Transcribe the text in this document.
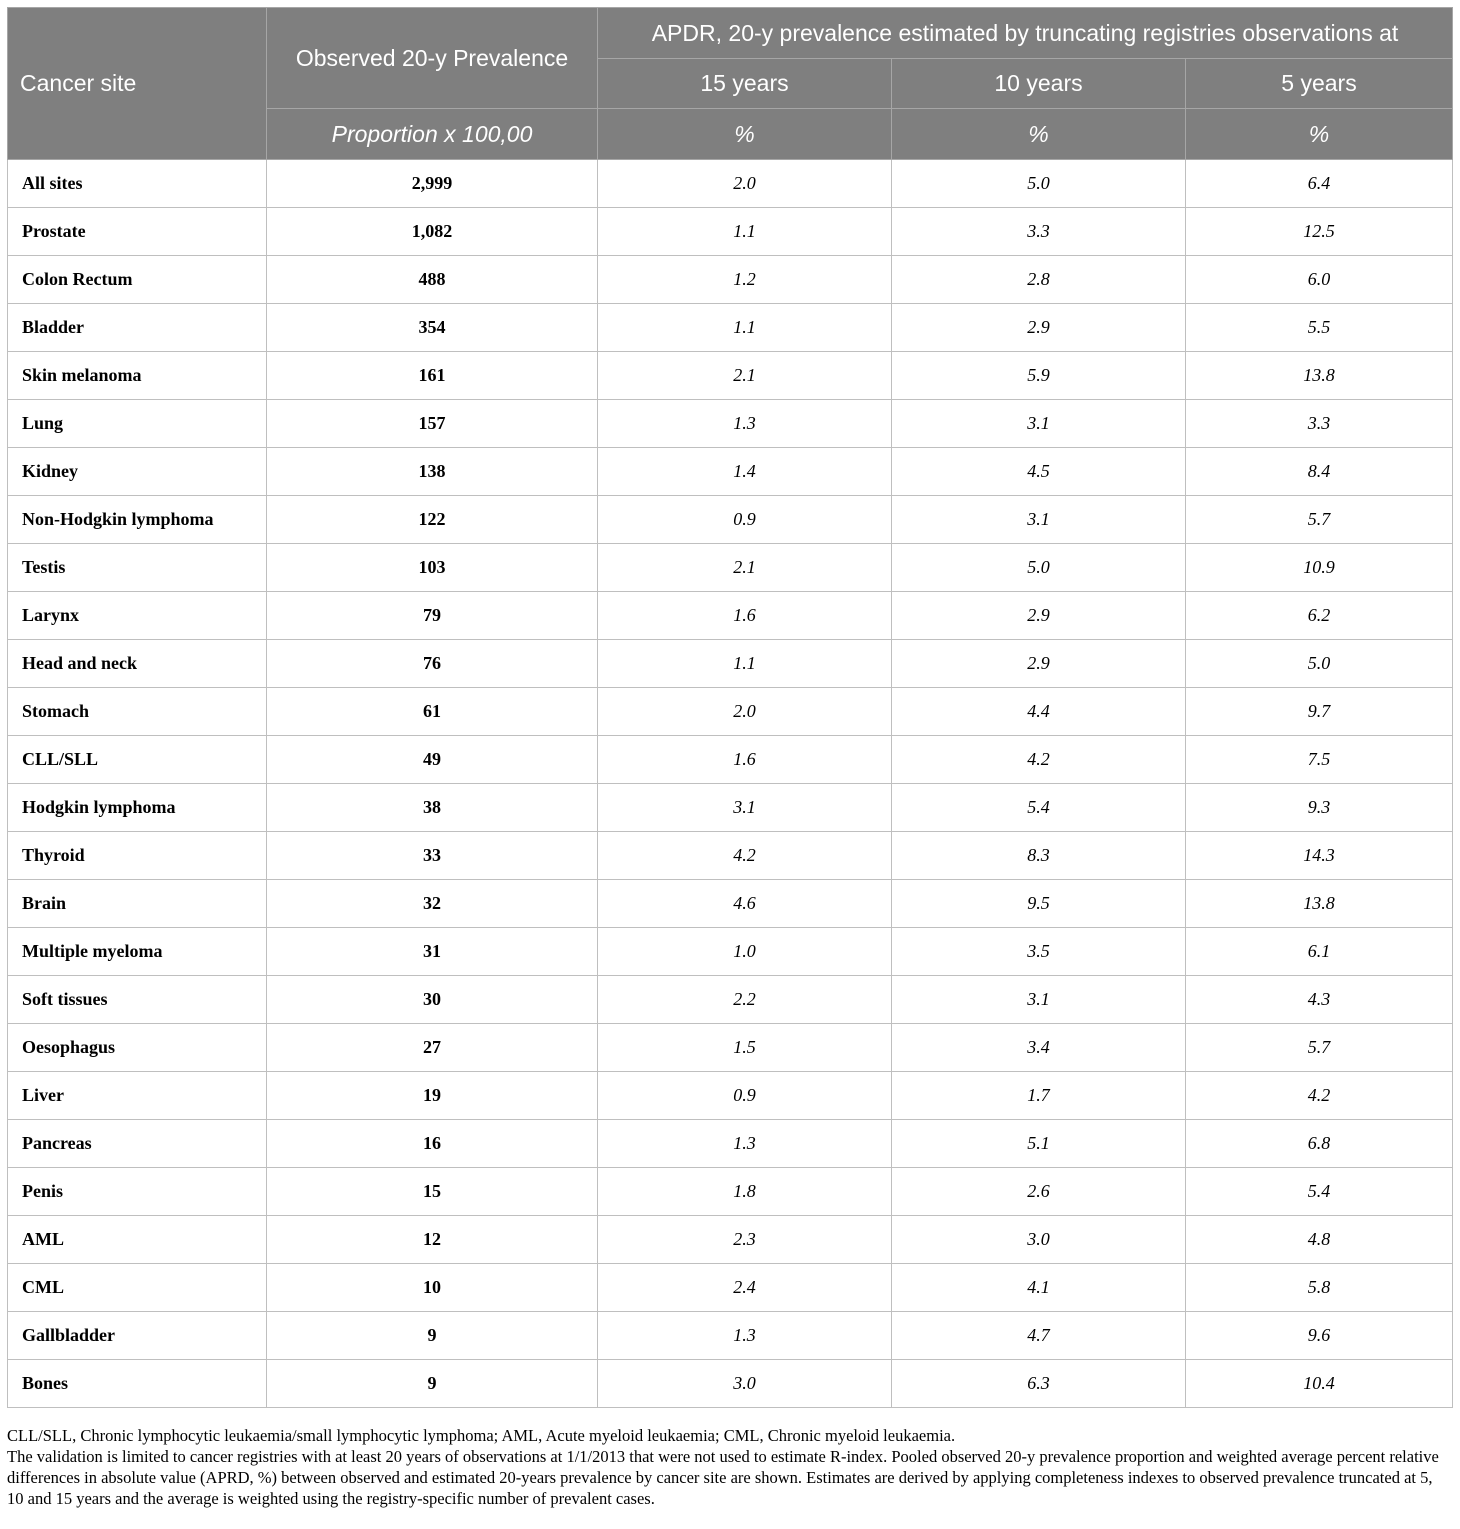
Cancer site	Observed 20-y Prevalence	APDR, 20-y prevalence estimated by truncating registries observations at		
		15 years	10 years	5 years
	Proportion x 100,00	%	%	%
All sites	2,999	2.0	5.0	6.4
Prostate	1,082	1.1	3.3	12.5
Colon Rectum	488	1.2	2.8	6.0
Bladder	354	1.1	2.9	5.5
Skin melanoma	161	2.1	5.9	13.8
Lung	157	1.3	3.1	3.3
Kidney	138	1.4	4.5	8.4
Non-Hodgkin lymphoma	122	0.9	3.1	5.7
Testis	103	2.1	5.0	10.9
Larynx	79	1.6	2.9	6.2
Head and neck	76	1.1	2.9	5.0
Stomach	61	2.0	4.4	9.7
CLL/SLL	49	1.6	4.2	7.5
Hodgkin lymphoma	38	3.1	5.4	9.3
Thyroid	33	4.2	8.3	14.3
Brain	32	4.6	9.5	13.8
Multiple myeloma	31	1.0	3.5	6.1
Soft tissues	30	2.2	3.1	4.3
Oesophagus	27	1.5	3.4	5.7
Liver	19	0.9	1.7	4.2
Pancreas	16	1.3	5.1	6.8
Penis	15	1.8	2.6	5.4
AML	12	2.3	3.0	4.8
CML	10	2.4	4.1	5.8
Gallbladder	9	1.3	4.7	9.6
Bones	9	3.0	6.3	10.4

CLL/SLL, Chronic lymphocytic leukaemia/small lymphocytic lymphoma; AML, Acute myeloid leukaemia; CML, Chronic myeloid leukaemia.

The validation is limited to cancer registries with at least 20 years of observations at 1/1/2013 that were not used to estimate R-index. Pooled observed 20-y prevalence proportion and weighted average percent relative differences in absolute value (APRD, %) between observed and estimated 20-years prevalence by cancer site are shown. Estimates are derived by applying completeness indexes to observed prevalence truncated at 5, 10 and 15 years and the average is weighted using the registry-specific number of prevalent cases.
